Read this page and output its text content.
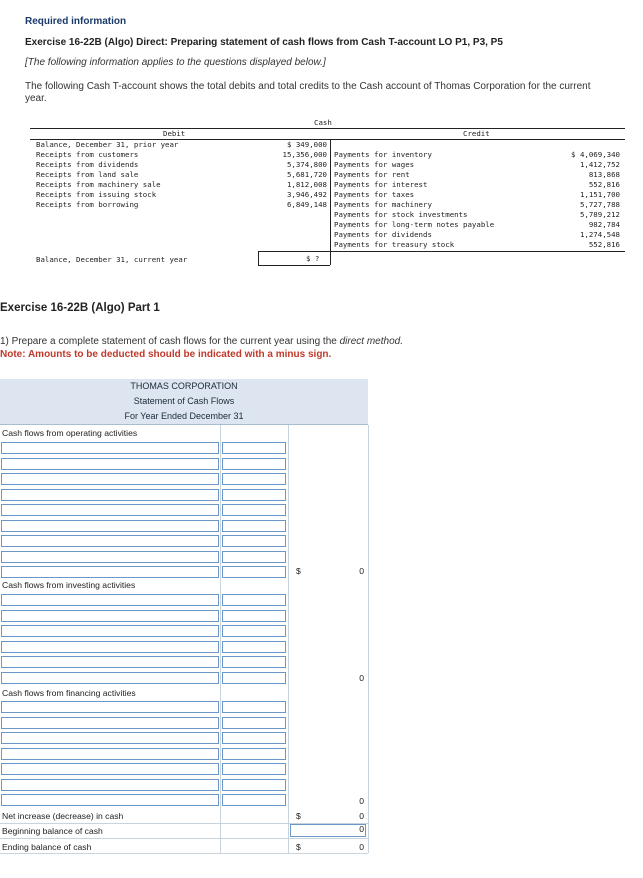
Required information
Exercise 16-22B (Algo) Direct: Preparing statement of cash flows from Cash T-account LO P1, P3, P5
[The following information applies to the questions displayed below.]
The following Cash T-account shows the total debits and total credits to the Cash account of Thomas Corporation for the current year.
Cash
Debit	Credit
Balance, December 31, prior year	$ 349,000
Receipts from customers	15,356,000
Receipts from dividends	5,374,800
Receipts from land sale	5,681,720
Receipts from machinery sale	1,812,008
Receipts from issuing stock	3,946,492
Receipts from borrowing	6,849,148
Payments for inventory	$ 4,069,340
Payments for wages	1,412,752
Payments for rent	813,868
Payments for interest	552,816
Payments for taxes	1,151,700
Payments for machinery	5,727,788
Payments for stock investments	5,789,212
Payments for long-term notes payable	982,784
Payments for dividends	1,274,548
Payments for treasury stock	552,816
Balance, December 31, current year	$ ?
Exercise 16-22B (Algo) Part 1
1) Prepare a complete statement of cash flows for the current year using the direct method.
Note: Amounts to be deducted should be indicated with a minus sign.
THOMAS CORPORATION
Statement of Cash Flows
For Year Ended December 31
Cash flows from operating activities
$	0
Cash flows from investing activities
0
Cash flows from financing activities
0
Net increase (decrease) in cash	$	0
Beginning balance of cash	0
Ending balance of cash	$	0
